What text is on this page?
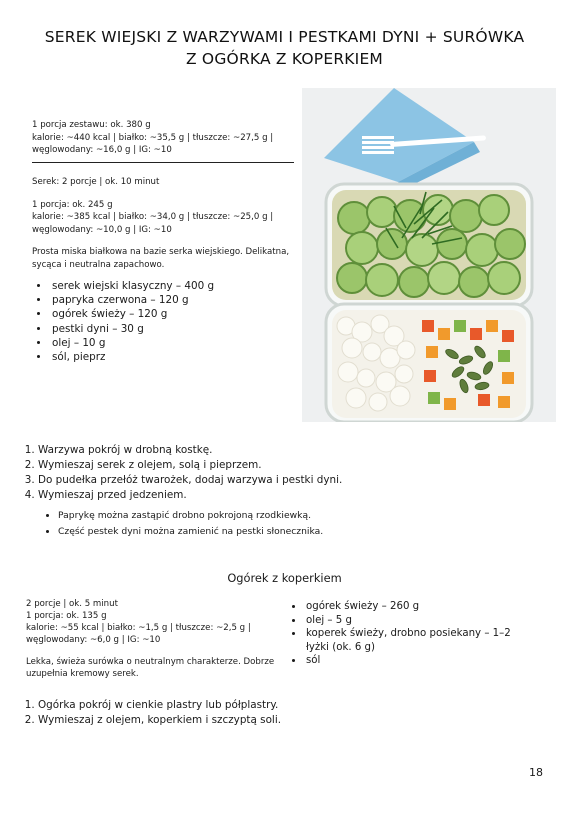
SEREK WIEJSKI Z WARZYWAMI I PESTKAMI DYNI + SURÓWKA
Z OGÓRKA Z KOPERKIEM

1 porcja zestawu: ok. 380 g

kalorie: ~440 kcal | białko: ~35,5 g | tłuszcze: ~27,5 g |

węglowodany: ~16,0 g | IG: ~10

Serek: 2 porcje | ok. 10 minut

1 porcja: ok. 245 g

kalorie: ~385 kcal | białko: ~34,0 g | tłuszcze: ~25,0 g |

węglowodany: ~10,0 g | IG: ~10

Prosta miska białkowa na bazie serka wiejskiego. Delikatna,

sycąca i neutralna zapachowo.

• serek wiejski klasyczny – 400 g
• papryka czerwona – 120 g
• ogórek świeży – 120 g
• pestki dyni – 30 g
• olej – 10 g
• sól, pieprz
1. Warzywa pokrój w drobną kostkę.
2. Wymieszaj serek z olejem, solą i pieprzem.
3. Do pudełka przełóż twarożek, dodaj warzywa i pestki dyni.
4. Wymieszaj przed jedzeniem.
• Paprykę można zastąpić drobno pokrojoną rzodkiewką.
• Część pestek dyni można zamienić na pestki słonecznika.
Ogórek z koperkiem

2 porcje | ok. 5 minut

1 porcja: ok. 135 g

kalorie: ~55 kcal | białko: ~1,5 g | tłuszcze: ~2,5 g |

węglowodany: ~6,0 g | IG: ~10

Lekka, świeża surówka o neutralnym charakterze. Dobrze

uzupełnia kremowy serek.

• ogórek świeży – 260 g
• olej – 5 g
• koperek świeży, drobno posiekany – 1–2 łyżki (ok. 6 g)
• sól
1. Ogórka pokrój w cienkie plastry lub półplastry.
2. Wymieszaj z olejem, koperkiem i szczyptą soli.
18
